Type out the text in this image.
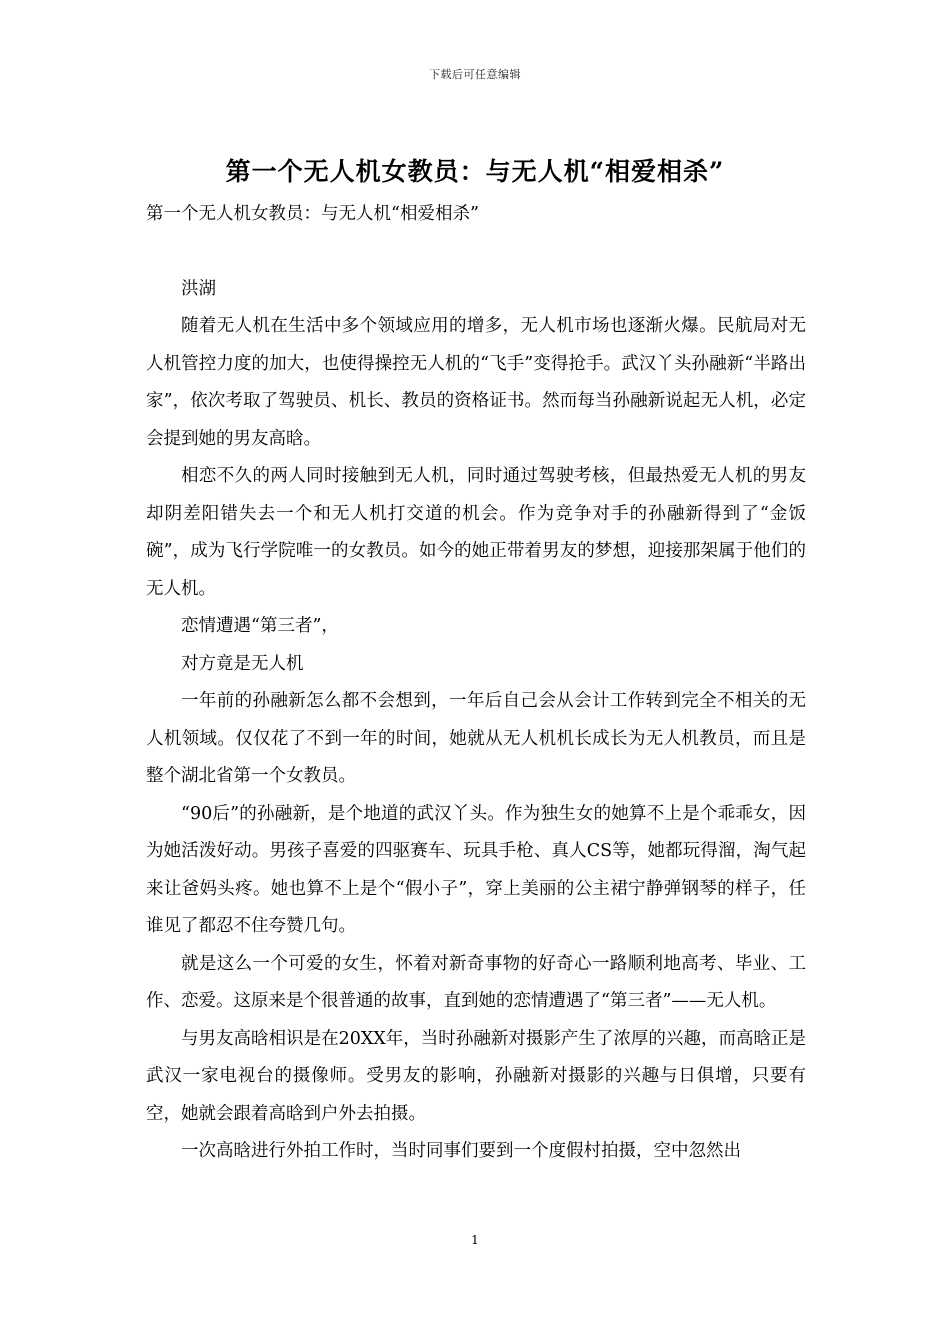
下载后可任意编辑
第一个无人机女教员：与无人机“相爱相杀”

第一个无人机女教员：与无人机“相爱相杀”

洪湖

随着无人机在生活中多个领域应用的增多，无人机市场也逐渐火爆。民航局对无人机管控力度的加大，也使得操控无人机的“飞手”变得抢手。武汉丫头孙融新“半路出家”，依次考取了驾驶员、机长、教员的资格证书。然而每当孙融新说起无人机，必定会提到她的男友高晗。

相恋不久的两人同时接触到无人机，同时通过驾驶考核，但最热爱无人机的男友却阴差阳错失去一个和无人机打交道的机会。作为竞争对手的孙融新得到了“金饭碗”，成为飞行学院唯一的女教员。如今的她正带着男友的梦想，迎接那架属于他们的无人机。

恋情遭遇“第三者”，

对方竟是无人机

一年前的孙融新怎么都不会想到，一年后自己会从会计工作转到完全不相关的无人机领域。仅仅花了不到一年的时间，她就从无人机机长成长为无人机教员，而且是整个湖北省第一个女教员。

“90后”的孙融新，是个地道的武汉丫头。作为独生女的她算不上是个乖乖女，因为她活泼好动。男孩子喜爱的四驱赛车、玩具手枪、真人CS等，她都玩得溜，淘气起来让爸妈头疼。她也算不上是个“假小子”，穿上美丽的公主裙宁静弹钢琴的样子，任谁见了都忍不住夸赞几句。

就是这么一个可爱的女生，怀着对新奇事物的好奇心一路顺利地高考、毕业、工作、恋爱。这原来是个很普通的故事，直到她的恋情遭遇了“第三者”——无人机。

与男友高晗相识是在20XX年，当时孙融新对摄影产生了浓厚的兴趣，而高晗正是武汉一家电视台的摄像师。受男友的影响，孙融新对摄影的兴趣与日俱增，只要有空，她就会跟着高晗到户外去拍摄。

一次高晗进行外拍工作时，当时同事们要到一个度假村拍摄，空中忽然出

1
